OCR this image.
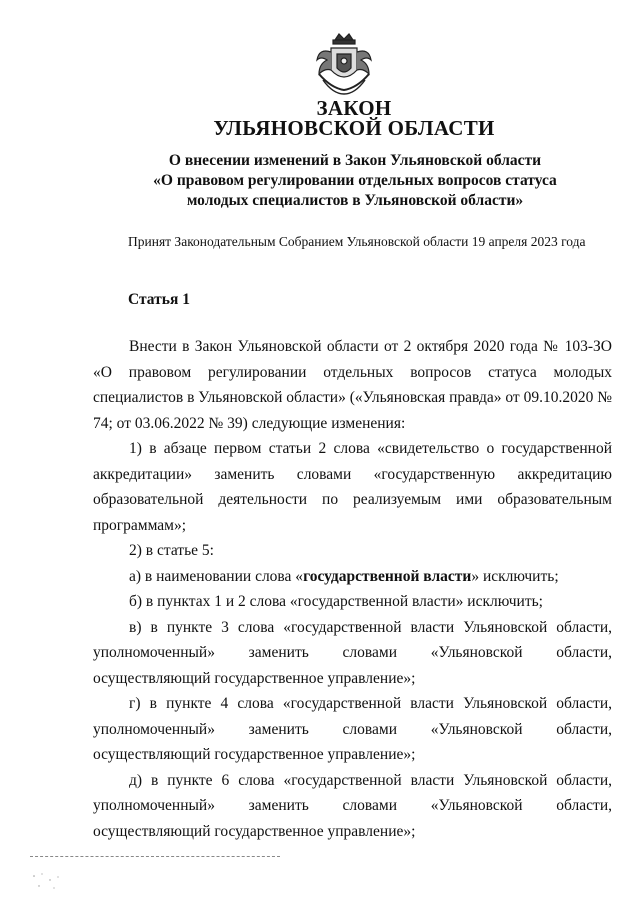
ЗАКОН
УЛЬЯНОВСКОЙ ОБЛАСТИ
О внесении изменений в Закон Ульяновской области
«О правовом регулировании отдельных вопросов статуса
молодых специалистов в Ульяновской области»
Принят Законодательным Собранием Ульяновской области 19 апреля 2023 года
Статья 1

Внести в Закон Ульяновской области от 2 октября 2020 года № 103-ЗО «О правовом регулировании отдельных вопросов статуса молодых специалистов в Ульяновской области» («Ульяновская правда» от 09.10.2020 № 74; от 03.06.2022 № 39) следующие изменения:

1) в абзаце первом статьи 2 слова «свидетельство о государственной аккредитации» заменить словами «государственную аккредитацию образовательной деятельности по реализуемым ими образовательным программам»;

2) в статье 5:

а) в наименовании слова «государственной власти» исключить;

б) в пунктах 1 и 2 слова «государственной власти» исключить;

в) в пункте 3 слова «государственной власти Ульяновской области, уполномоченный» заменить словами «Ульяновской области, осуществляющий государственное управление»;

г) в пункте 4 слова «государственной власти Ульяновской области, уполномоченный» заменить словами «Ульяновской области, осуществляющий государственное управление»;

д) в пункте 6 слова «государственной власти Ульяновской области, уполномоченный» заменить словами «Ульяновской области, осуществляющий государственное управление»;
